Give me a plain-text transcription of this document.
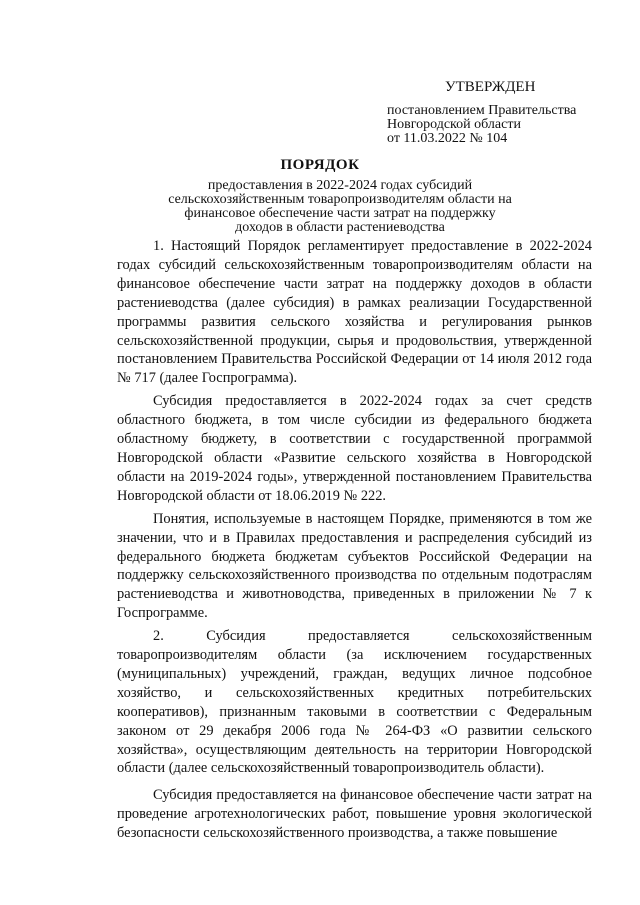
УТВЕРЖДЕН
постановлением Правительства
Новгородской области
от 11.03.2022 № 104
ПОРЯДОК
предоставления в 2022-2024 годах субсидий сельскохозяйственным товаропроизводителям области на финансовое обеспечение части затрат на поддержку доходов в области растениеводства

1. Настоящий Порядок регламентирует предоставление в 2022-2024 годах субсидий сельскохозяйственным товаропроизводителям области на финансовое обеспечение части затрат на поддержку доходов в области растениеводства (далее субсидия) в рамках реализации Государственной программы развития сельского хозяйства и регулирования рынков сельскохозяйственной продукции, сырья и продовольствия, утвержденной постановлением Правительства Российской Федерации от 14 июля 2012 года № 717 (далее Госпрограмма).

Субсидия предоставляется в 2022-2024 годах за счет средств областного бюджета, в том числе субсидии из федерального бюджета областному бюджету, в соответствии с государственной программой Новгородской области «Развитие сельского хозяйства в Новгородской области на 2019-2024 годы», утвержденной постановлением Правительства Новгородской области от 18.06.2019 № 222.

Понятия, используемые в настоящем Порядке, применяются в том же значении, что и в Правилах предоставления и распределения субсидий из федерального бюджета бюджетам субъектов Российской Федерации на поддержку сельскохозяйственного производства по отдельным подотраслям растениеводства и животноводства, приведенных в приложении № 7 к Госпрограмме.

2. Субсидия предоставляется сельскохозяйственным товаропроизводителям области (за исключением государственных (муниципальных) учреждений, граждан, ведущих личное подсобное хозяйство, и сельскохозяйственных кредитных потребительских кооперативов), признанным таковыми в соответствии с Федеральным законом от 29 декабря 2006 года № 264-ФЗ «О развитии сельского хозяйства», осуществляющим деятельность на территории Новгородской области (далее сельскохозяйственный товаропроизводитель области).

Субсидия предоставляется на финансовое обеспечение части затрат на проведение агротехнологических работ, повышение уровня экологической безопасности сельскохозяйственного производства, а также повышение
